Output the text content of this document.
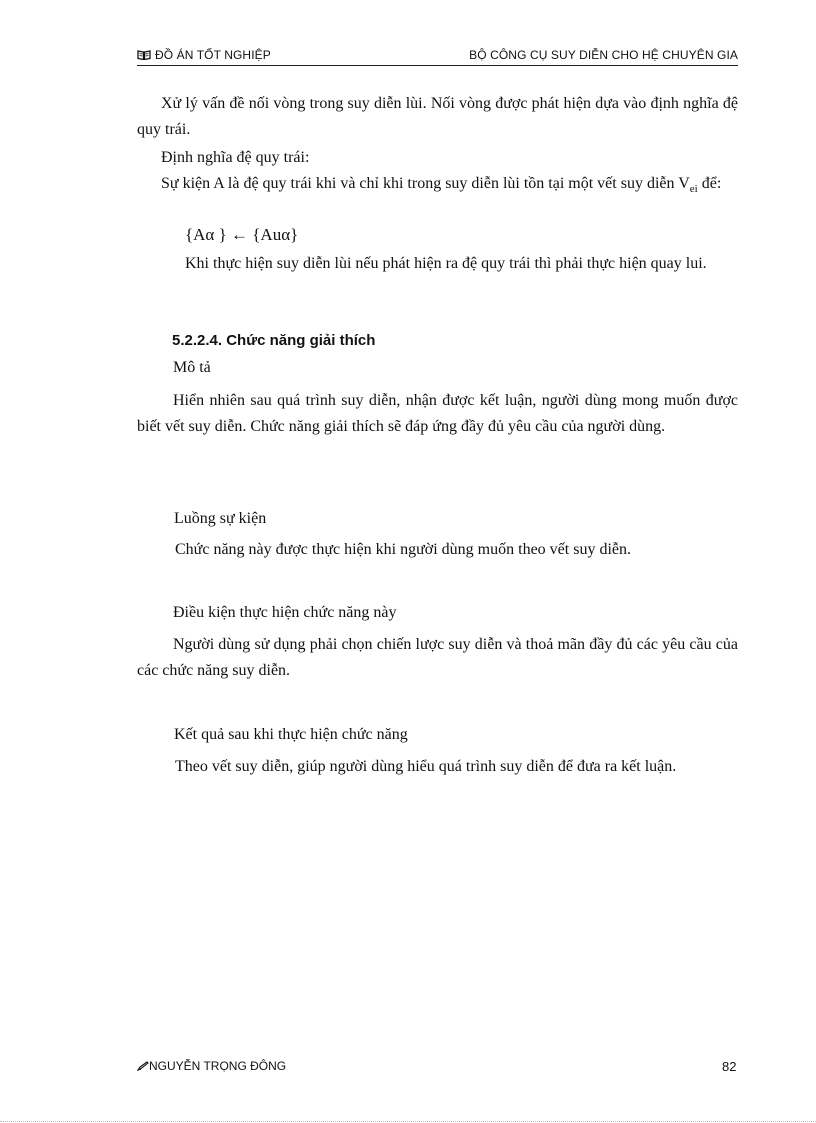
ĐỒ ÁN TỐT NGHIỆP	BỘ CÔNG CỤ SUY DIỄN CHO HỆ CHUYÊN GIA
Xử lý vấn đề nối vòng trong suy diễn lùi. Nối vòng được phát hiện dựa vào định nghĩa đệ quy trái.
Định nghĩa đệ quy trái:
Sự kiện A là đệ quy trái khi và chỉ khi trong suy diễn lùi tồn tại một vết suy diễn $V_{ei}$ để:
{Aα } ← {Auα}
Khi thực hiện suy diễn lùi nếu phát hiện ra đệ quy trái thì phải thực hiện quay lui.
5.2.2.4. Chức năng giải thích
Mô tả
Hiển nhiên sau quá trình suy diễn, nhận được kết luận, người dùng mong muốn được biết vết suy diễn. Chức năng giải thích sẽ đáp ứng đầy đủ yêu cầu của người dùng.
Luồng sự kiện
Chức năng này được thực hiện khi người dùng muốn theo vết suy diễn.
Điều kiện thực hiện chức năng này
Người dùng sử dụng phải chọn chiến lược suy diễn và thoả mãn đầy đủ các yêu cầu của các chức năng suy diễn.
Kết quả sau khi thực hiện chức năng
Theo vết suy diễn, giúp người dùng hiểu quá trình suy diễn để đưa ra kết luận.
NGUYỄN TRỌNG ĐÔNG	82
